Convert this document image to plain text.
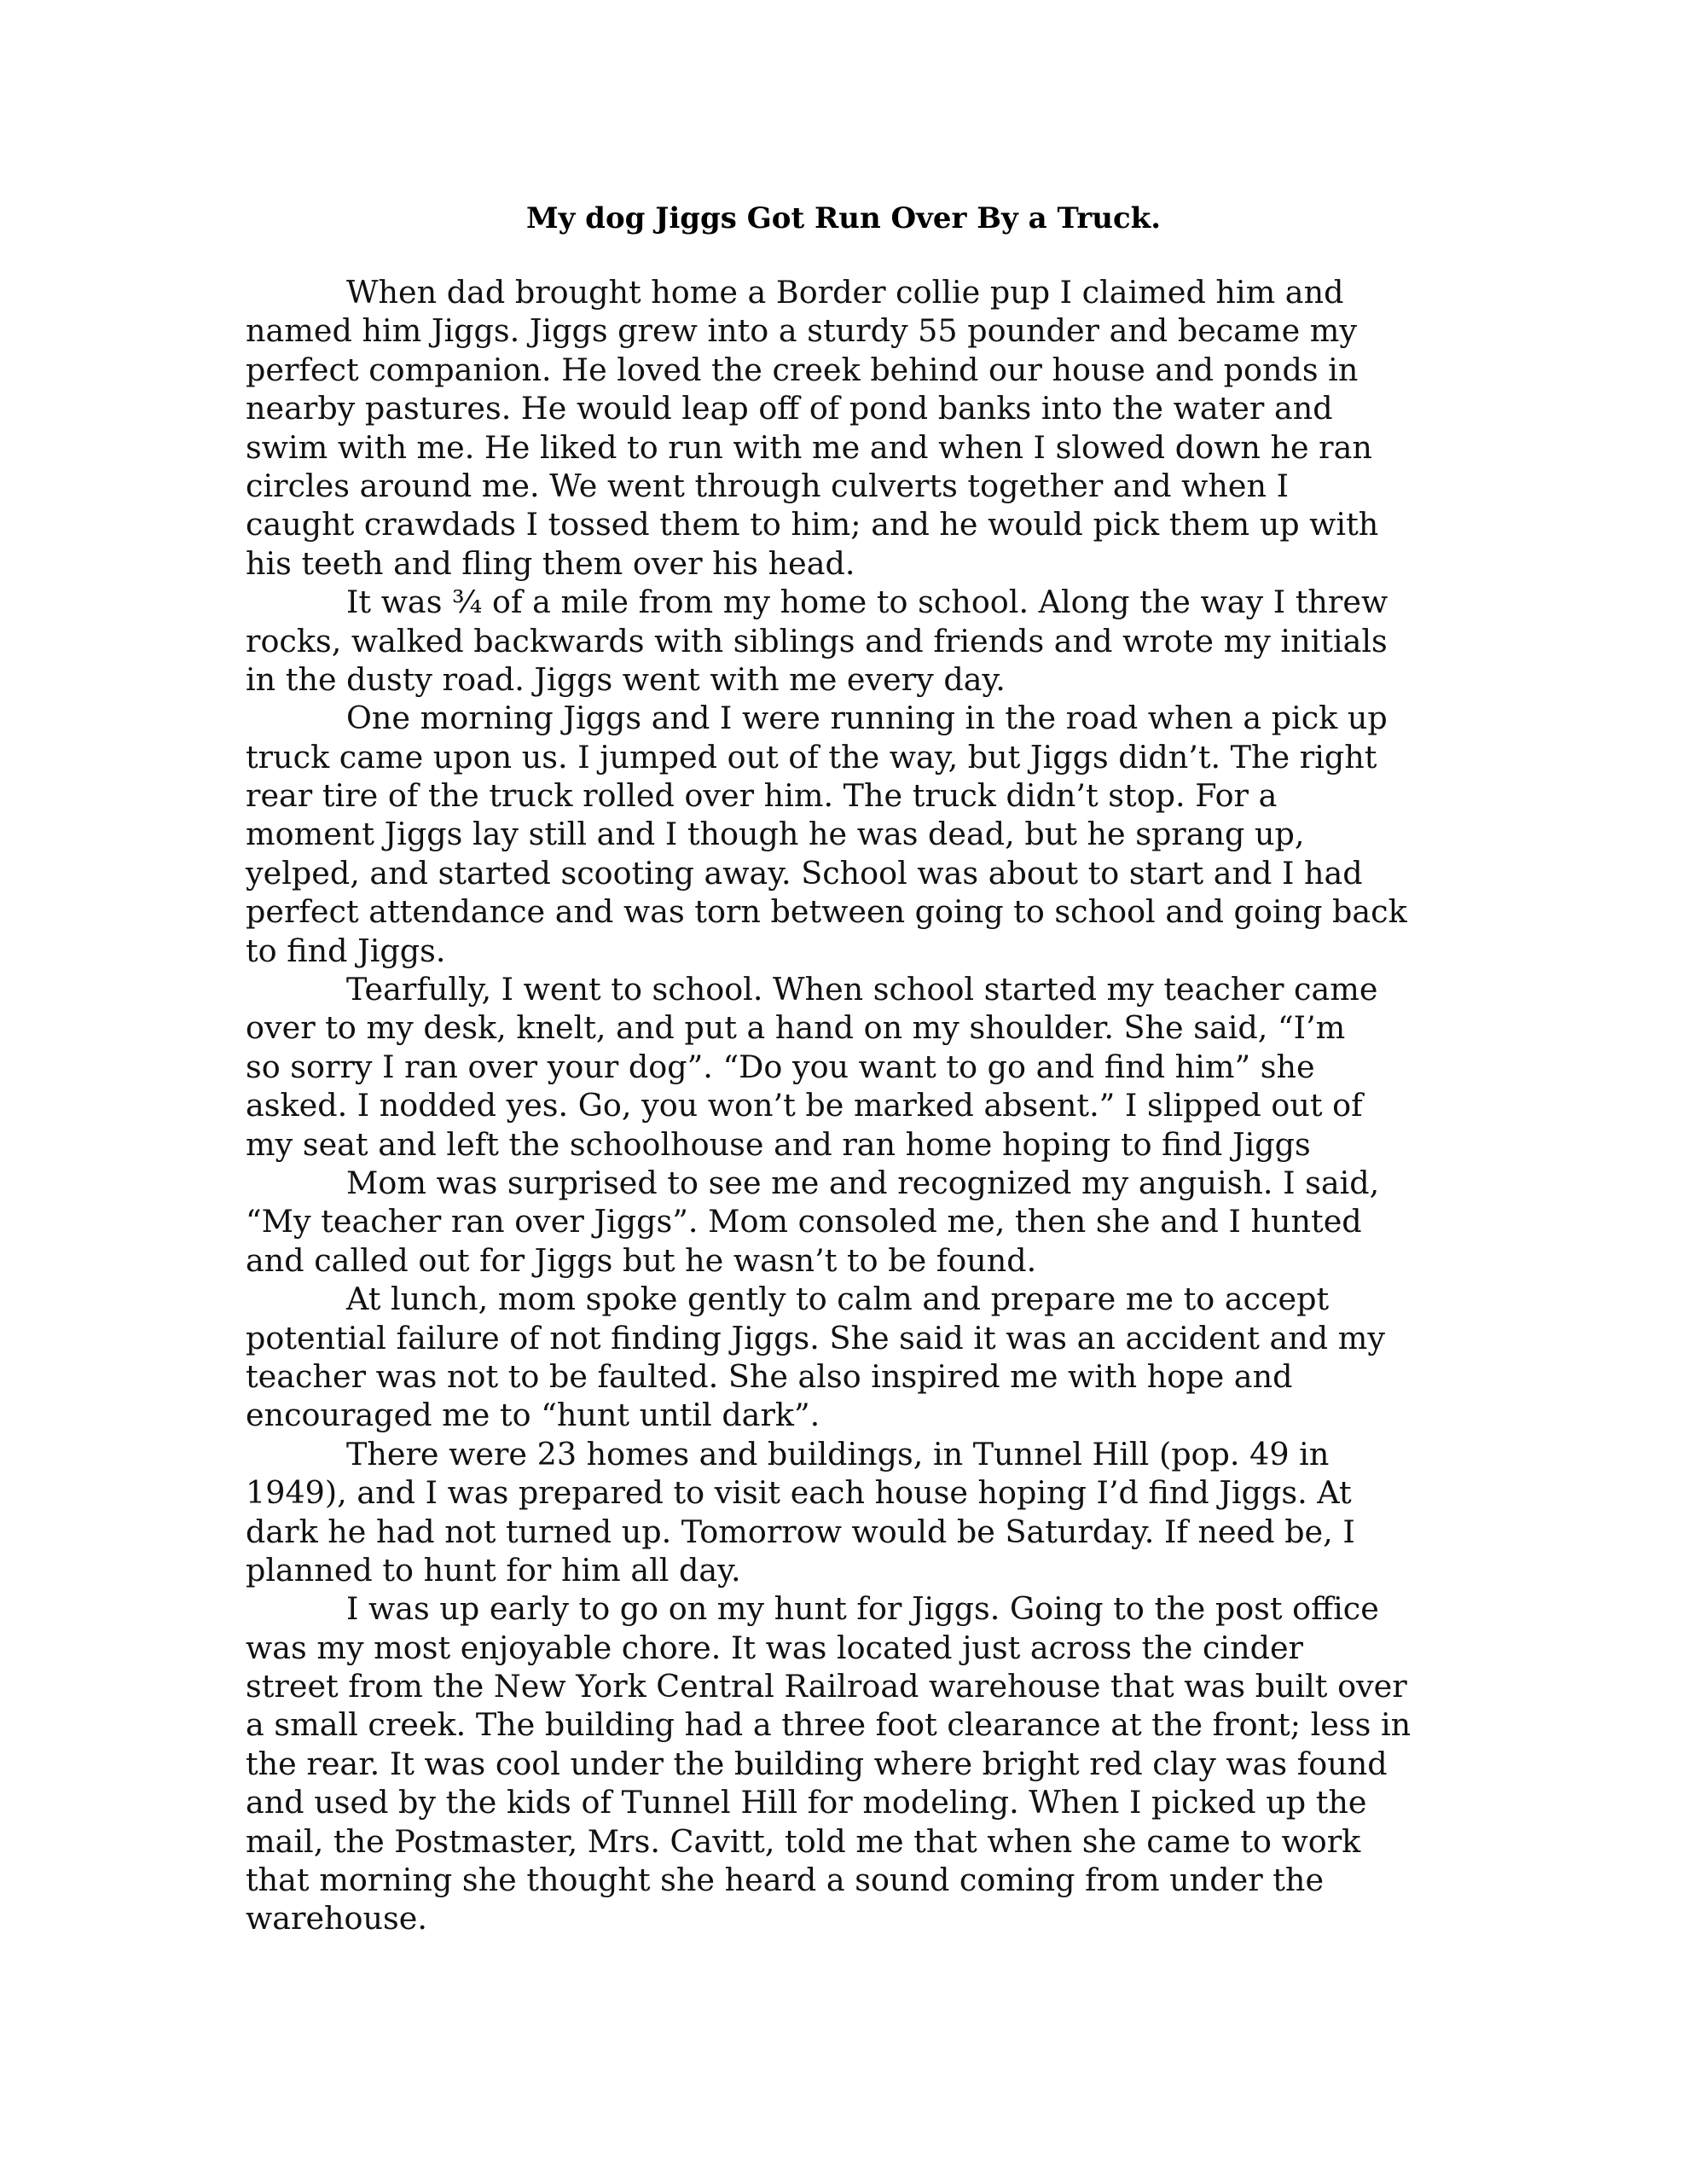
My dog Jiggs Got Run Over By a Truck.
When dad brought home a Border collie pup I claimed him and
named him Jiggs. Jiggs grew into a sturdy 55 pounder and became my
perfect companion. He loved the creek behind our house and ponds in
nearby pastures. He would leap off of pond banks into the water and
swim with me. He liked to run with me and when I slowed down he ran
circles around me. We went through culverts together and when I
caught crawdads I tossed them to him; and he would pick them up with
his teeth and fling them over his head.
It was ¾ of a mile from my home to school. Along the way I threw
rocks, walked backwards with siblings and friends and wrote my initials
in the dusty road. Jiggs went with me every day.
One morning Jiggs and I were running in the road when a pick up
truck came upon us. I jumped out of the way, but Jiggs didn’t. The right
rear tire of the truck rolled over him. The truck didn’t stop. For a
moment Jiggs lay still and I though he was dead, but he sprang up,
yelped, and started scooting away. School was about to start and I had
perfect attendance and was torn between going to school and going back
to find Jiggs.
Tearfully, I went to school. When school started my teacher came
over to my desk, knelt, and put a hand on my shoulder. She said, “I’m
so sorry I ran over your dog”. “Do you want to go and find him” she
asked. I nodded yes. Go, you won’t be marked absent.” I slipped out of
my seat and left the schoolhouse and ran home hoping to find Jiggs
Mom was surprised to see me and recognized my anguish. I said,
“My teacher ran over Jiggs”. Mom consoled me, then she and I hunted
and called out for Jiggs but he wasn’t to be found.
At lunch, mom spoke gently to calm and prepare me to accept
potential failure of not finding Jiggs. She said it was an accident and my
teacher was not to be faulted. She also inspired me with hope and
encouraged me to “hunt until dark”.
There were 23 homes and buildings, in Tunnel Hill (pop. 49 in
1949), and I was prepared to visit each house hoping I’d find Jiggs. At
dark he had not turned up. Tomorrow would be Saturday. If need be, I
planned to hunt for him all day.
I was up early to go on my hunt for Jiggs. Going to the post office
was my most enjoyable chore. It was located just across the cinder
street from the New York Central Railroad warehouse that was built over
a small creek. The building had a three foot clearance at the front; less in
the rear. It was cool under the building where bright red clay was found
and used by the kids of Tunnel Hill for modeling. When I picked up the
mail, the Postmaster, Mrs. Cavitt, told me that when she came to work
that morning she thought she heard a sound coming from under the
warehouse.
